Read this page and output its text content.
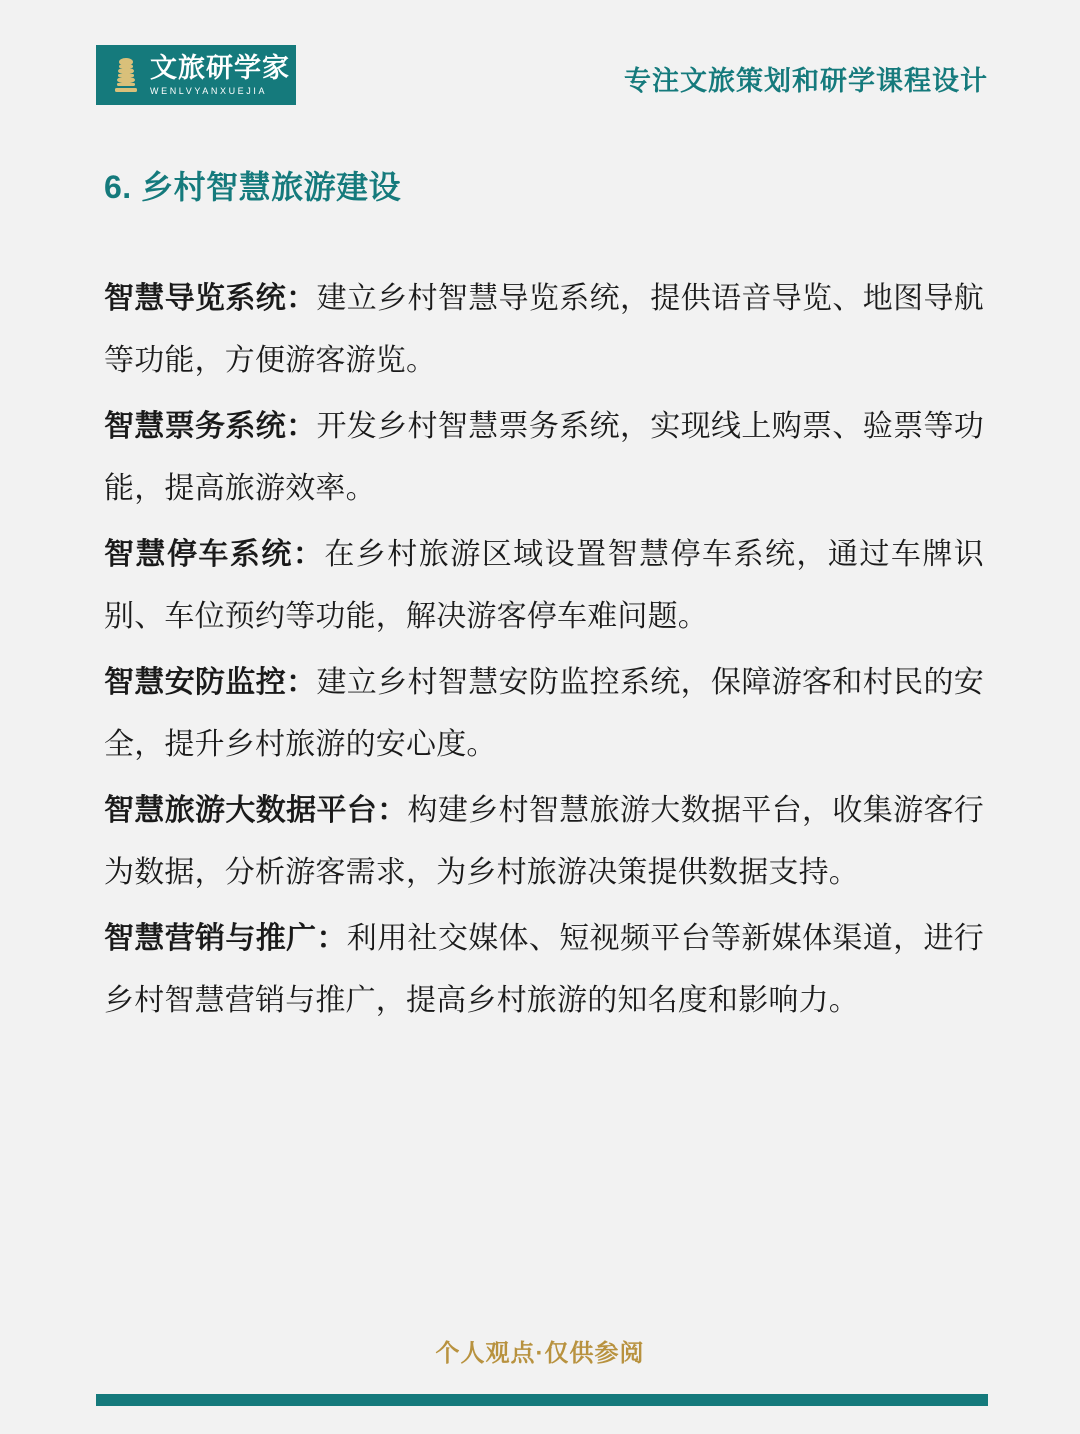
文旅研学家
WENLVYANXUEJIA	专注文旅策划和研学课程设计
6. 乡村智慧旅游建设

智慧导览系统：建立乡村智慧导览系统，提供语音导览、地图导航等功能，方便游客游览。

智慧票务系统：开发乡村智慧票务系统，实现线上购票、验票等功能，提高旅游效率。

智慧停车系统：在乡村旅游区域设置智慧停车系统，通过车牌识别、车位预约等功能，解决游客停车难问题。

智慧安防监控：建立乡村智慧安防监控系统，保障游客和村民的安全，提升乡村旅游的安心度。

智慧旅游大数据平台：构建乡村智慧旅游大数据平台，收集游客行为数据，分析游客需求，为乡村旅游决策提供数据支持。

智慧营销与推广：利用社交媒体、短视频平台等新媒体渠道，进行乡村智慧营销与推广，提高乡村旅游的知名度和影响力。

个人观点·仅供参阅
